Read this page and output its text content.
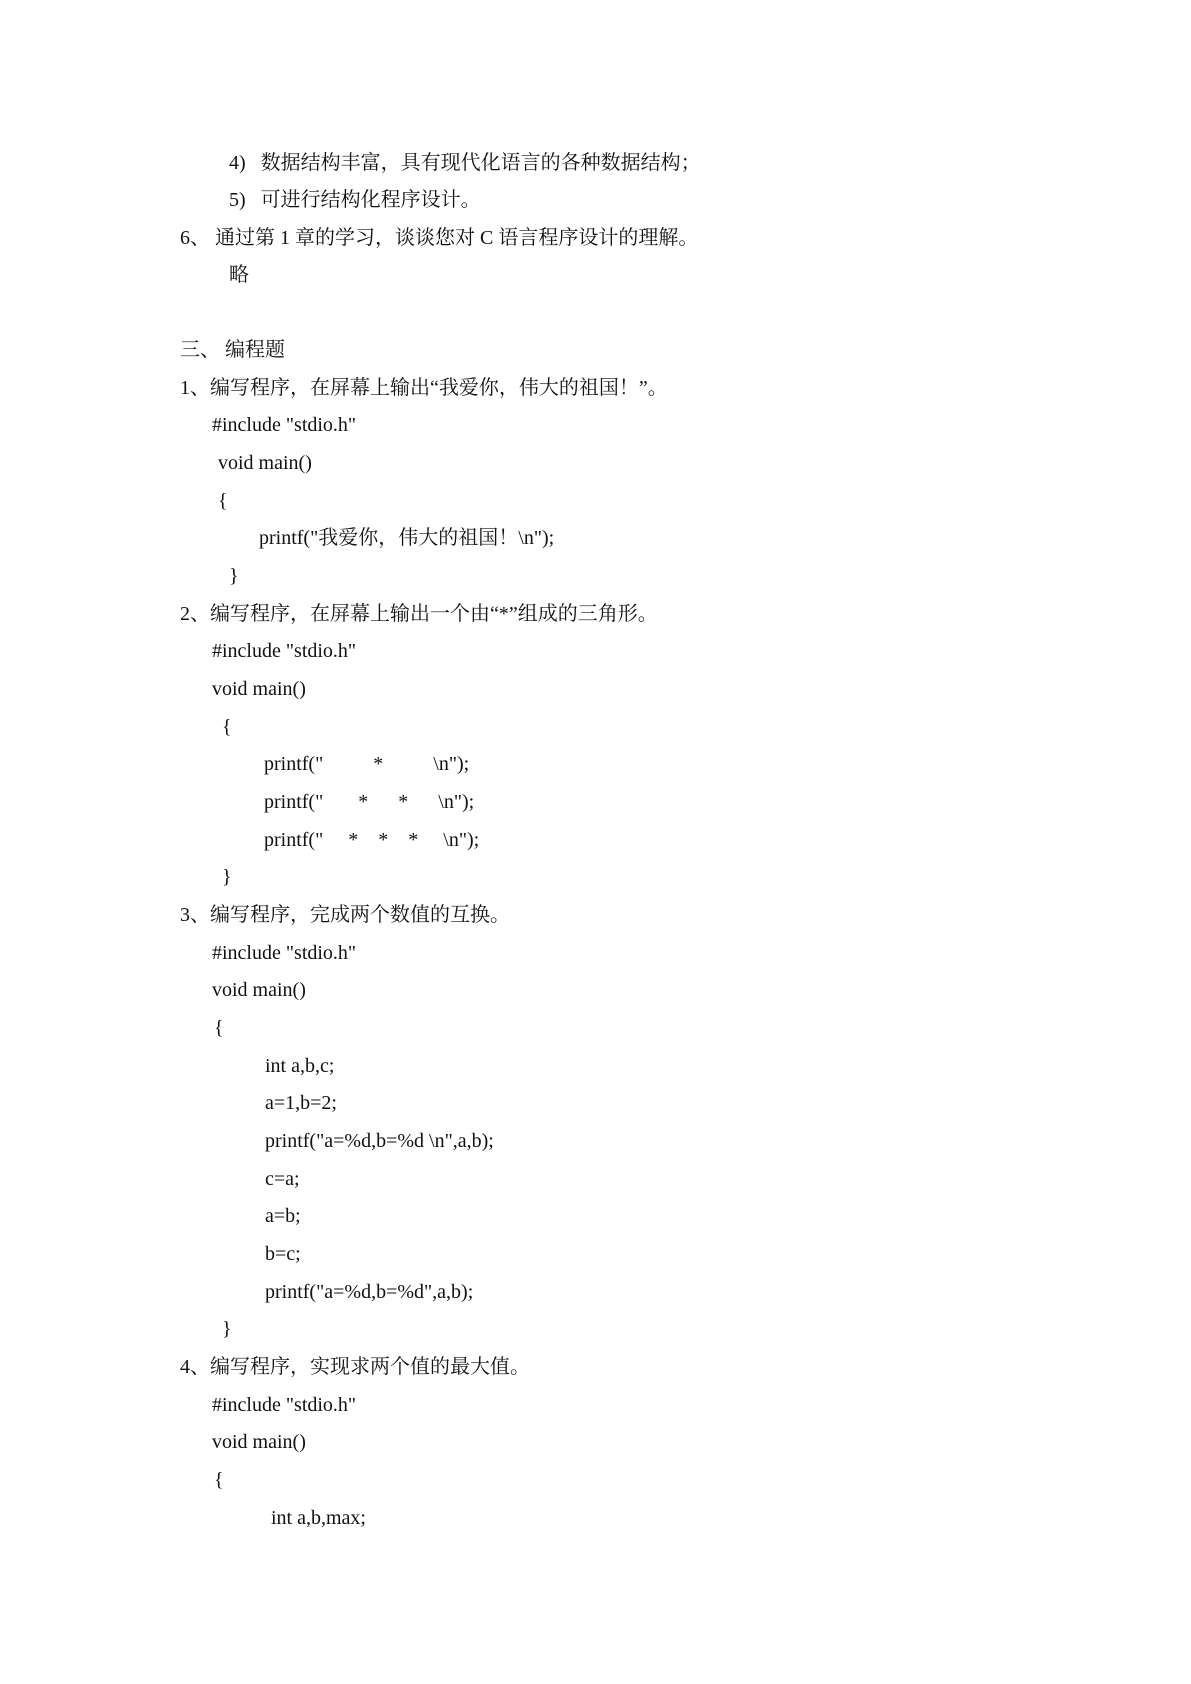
4)   数据结构丰富，具有现代化语言的各种数据结构；
5)   可进行结构化程序设计。
6、 通过第 1 章的学习，谈谈您对 C 语言程序设计的理解。
略
三、 编程题
1、编写程序，在屏幕上输出“我爱你，伟大的祖国！”。
#include "stdio.h"
void main()
{
printf("我爱你，伟大的祖国！\n");
}
2、编写程序，在屏幕上输出一个由“*”组成的三角形。
#include "stdio.h"
void main()
{
printf("          *          \n");
printf("       *      *      \n");
printf("     *    *    *     \n");
}
3、编写程序，完成两个数值的互换。
#include "stdio.h"
void main()
{
int a,b,c;
a=1,b=2;
printf("a=%d,b=%d \n",a,b);
c=a;
a=b;
b=c;
printf("a=%d,b=%d",a,b);
}
4、编写程序，实现求两个值的最大值。
#include "stdio.h"
void main()
{
int a,b,max;
